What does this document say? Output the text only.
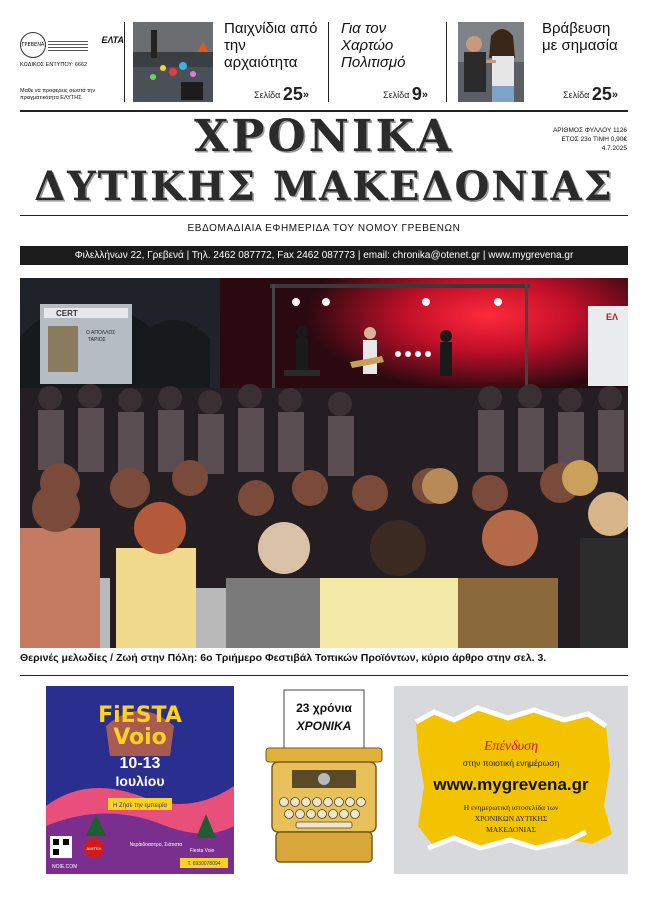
ΓΡΕΒΕΝΑ	ΕΛΤΑ
ΚΩΔΙΚΟΣ ΕΝΤΥΠΟΥ: 6662
Μαθε να προφερεις σωστά την πραγματικότητα ΕΛΥΤΗΣ
Παιχνίδια από την αρχαιότητα
Σελίδα 25»
Για τον Χαρτώο Πολιτισμό
Σελίδα 9»
Βράβευση με σημασία
Σελίδα 25»
ΧΡΟΝΙΚΑ
ΔΥΤΙΚΗΣ ΜΑΚΕΔΟΝΙΑΣ
ΑΡΙΘΜΟΣ ΦΥΛΛΟΥ 1126
ΕΤΟΣ 23ο ΤΙΜΗ 0,90€
4.7.2025
ΕΒΔΟΜΑΔΙΑΙΑ ΕΦΗΜΕΡΙΔΑ ΤΟΥ ΝΟΜΟΥ ΓΡΕΒΕΝΩΝ
Φιλελλήνων 22, Γρεβενά | Τηλ. 2462 087772, Fax 2462 087773 | email: chronika@otenet.gr | www.mygrevena.gr
CERT
Ο ΑΠΟΛΛΟΣ
ΤΑΡΙΟΣ
ΕΛ
Θερινές μελωδίες / Ζωή στην Πόλη: 6ο Τριήμερο Φεστιβάλ Τοπικών Προϊόντων, κύριο άρθρο στην σελ. 3.
FiESTA
Voio
10-13
Ιουλίου
Η Ζήσε την εμπειρία
NOIE.COM
ΑΜΙΤΕΛ
Νεράιδοαστρο, Σιάτιστα
Fiesta Voio
Τ. 6930078094
23 χρόνια
ΧΡΟΝΙΚΑ
Επένδυση
στην ποιοτική ενημέρωση
www.mygrevena.gr
Η ενημερωτική ιστοσελίδα των
ΧΡΟΝΙΚΩΝ ΔΥΤΙΚΗΣ
ΜΑΚΕΔΟΝΙΑΣ
